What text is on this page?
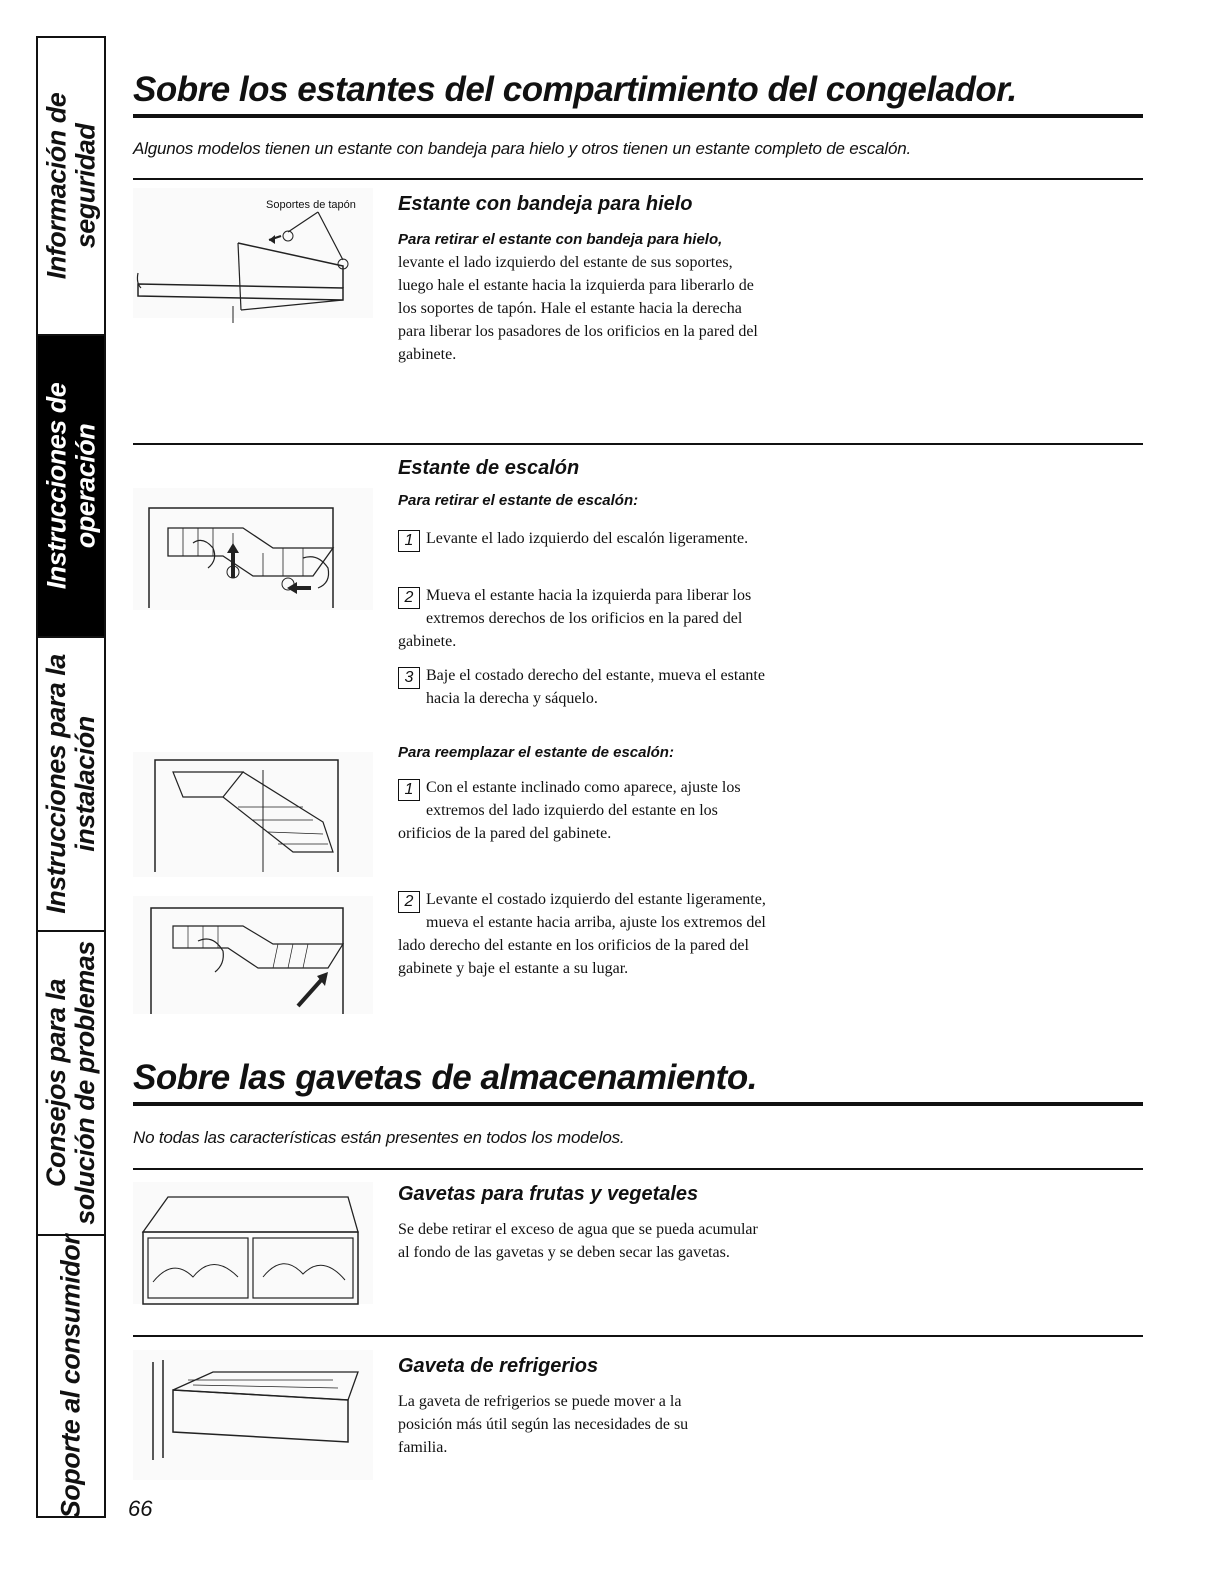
Información de seguridad
Instrucciones de operación
Instrucciones para la instalación
Consejos para la solución de problemas
Soporte al consumidor
Sobre los estantes del compartimiento del congelador.
Algunos modelos tienen un estante con bandeja para hielo y otros tienen un estante completo de escalón.
Soportes de tapón Estante con bandeja para hielo
Para retirar el estante con bandeja para hielo, levante el lado izquierdo del estante de sus soportes, luego hale el estante hacia la izquierda para liberarlo de los soportes de tapón. Hale el estante hacia la derecha para liberar los pasadores de los orificios en la pared del gabinete.
Estante de escalón
Para retirar el estante de escalón:
1 Levante el lado izquierdo del escalón ligeramente.
2 Mueva el estante hacia la izquierda para liberar los extremos derechos de los orificios en la pared del gabinete.
3 Baje el costado derecho del estante, mueva el estante hacia la derecha y sáquelo.
Para reemplazar el estante de escalón:
1 Con el estante inclinado como aparece, ajuste los extremos del lado izquierdo del estante en los orificios de la pared del gabinete.
2 Levante el costado izquierdo del estante ligeramente, mueva el estante hacia arriba, ajuste los extremos del lado derecho del estante en los orificios de la pared del gabinete y baje el estante a su lugar.
Sobre las gavetas de almacenamiento.
No todas las características están presentes en todos los modelos.
Gavetas para frutas y vegetales
Se debe retirar el exceso de agua que se pueda acumular al fondo de las gavetas y se deben secar las gavetas.
Gaveta de refrigerios
La gaveta de refrigerios se puede mover a la posición más útil según las necesidades de su familia.
66
